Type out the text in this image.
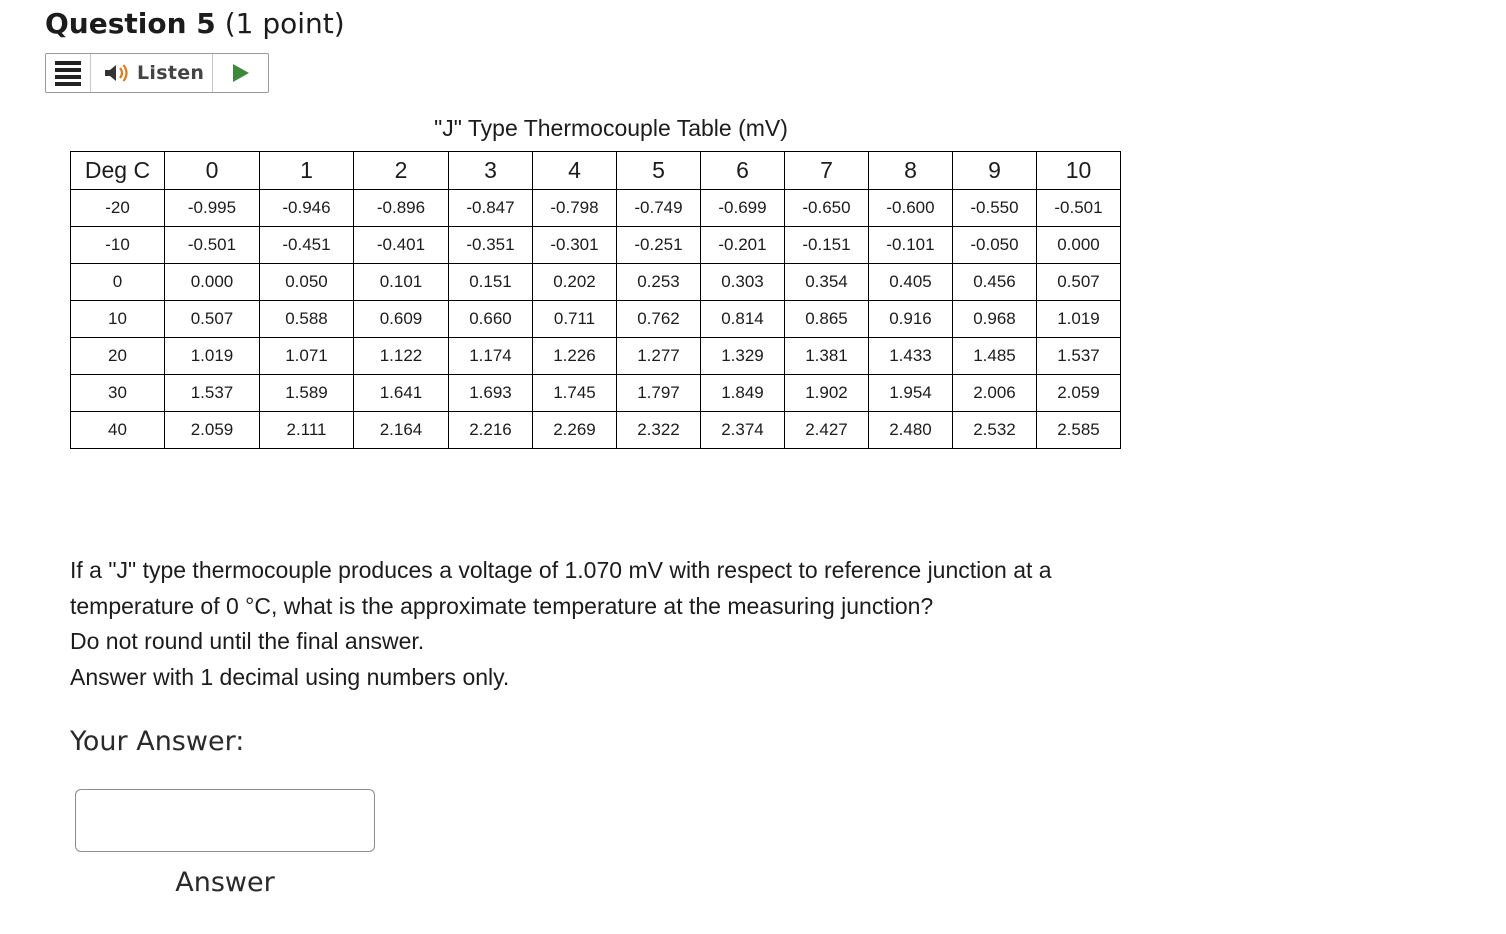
Question 5 (1 point)
Listen
"J" Type Thermocouple Table (mV)
Deg C	0	1	2	3	4	5	6	7	8	9	10
-20	-0.995	-0.946	-0.896	-0.847	-0.798	-0.749	-0.699	-0.650	-0.600	-0.550	-0.501
-10	-0.501	-0.451	-0.401	-0.351	-0.301	-0.251	-0.201	-0.151	-0.101	-0.050	0.000
0	0.000	0.050	0.101	0.151	0.202	0.253	0.303	0.354	0.405	0.456	0.507
10	0.507	0.588	0.609	0.660	0.711	0.762	0.814	0.865	0.916	0.968	1.019
20	1.019	1.071	1.122	1.174	1.226	1.277	1.329	1.381	1.433	1.485	1.537
30	1.537	1.589	1.641	1.693	1.745	1.797	1.849	1.902	1.954	2.006	2.059
40	2.059	2.111	2.164	2.216	2.269	2.322	2.374	2.427	2.480	2.532	2.585

If a "J" type thermocouple produces a voltage of 1.070 mV with respect to reference junction at a temperature of 0 °C, what is the approximate temperature at the measuring junction?

Do not round until the final answer.

Answer with 1 decimal using numbers only.

Your Answer:
Answer
